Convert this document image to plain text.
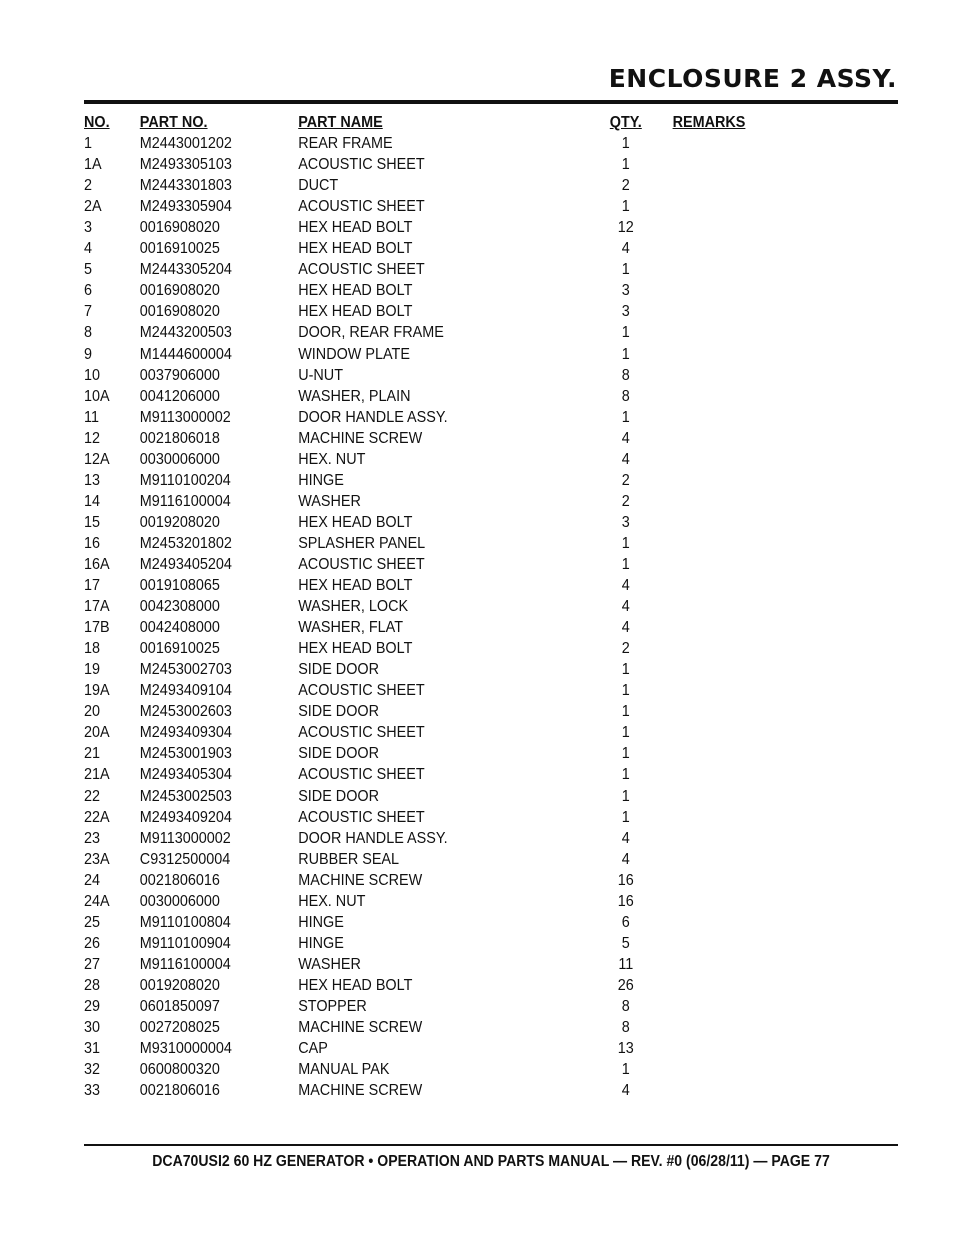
ENCLOSURE 2 ASSY.
NO. PART NO.	PART NAME	QTY.	REMARKS
1	M2443001202	REAR FRAME	1
1A M2493305103	ACOUSTIC SHEET	1
2	M2443301803	DUCT	2
2A M2493305904	ACOUSTIC SHEET	1
3	0016908020	HEX HEAD BOLT	12
4	0016910025	HEX HEAD BOLT	4
5	M2443305204	ACOUSTIC SHEET	1
6	0016908020	HEX HEAD BOLT	3
7	0016908020	HEX HEAD BOLT	3
8	M2443200503	DOOR, REAR FRAME	1
9	M1444600004	WINDOW PLATE	1
10 0037906000	U-NUT	8
10A 0041206000	WASHER, PLAIN	8
11	M9113000002	DOOR HANDLE ASSY.	1
12 0021806018	MACHINE SCREW	4
12A 0030006000	HEX. NUT	4
13 M9110100204	HINGE	2
14 M9116100004	WASHER	2
15 0019208020	HEX HEAD BOLT	3
16 M2453201802	SPLASHER PANEL	1
16A M2493405204	ACOUSTIC SHEET	1
17 0019108065	HEX HEAD BOLT	4
17A 0042308000	WASHER, LOCK	4
17B 0042408000	WASHER, FLAT	4
18 0016910025	HEX HEAD BOLT	2
19 M2453002703	SIDE DOOR	1
19A M2493409104	ACOUSTIC SHEET	1
20 M2453002603	SIDE DOOR	1
20A M2493409304	ACOUSTIC SHEET	1
21 M2453001903	SIDE DOOR	1
21A M2493405304	ACOUSTIC SHEET	1
22 M2453002503	SIDE DOOR	1
22A M2493409204	ACOUSTIC SHEET	1
23 M9113000002	DOOR HANDLE ASSY.	4
23A C9312500004	RUBBER SEAL	4
24 0021806016	MACHINE SCREW	16
24A 0030006000	HEX. NUT	16
25 M9110100804	HINGE	6
26 M9110100904	HINGE	5
27 M9116100004	WASHER	11
28 0019208020	HEX HEAD BOLT	26
29 0601850097	STOPPER	8
30 0027208025	MACHINE SCREW	8
31 M9310000004	CAP	13
32 0600800320	MANUAL PAK	1
33 0021806016	MACHINE SCREW	4
DCA70USI2 60 HZ GENERATOR • OPERATION AND PARTS MANUAL — REV. #0 (06/28/11) — PAGE 77
